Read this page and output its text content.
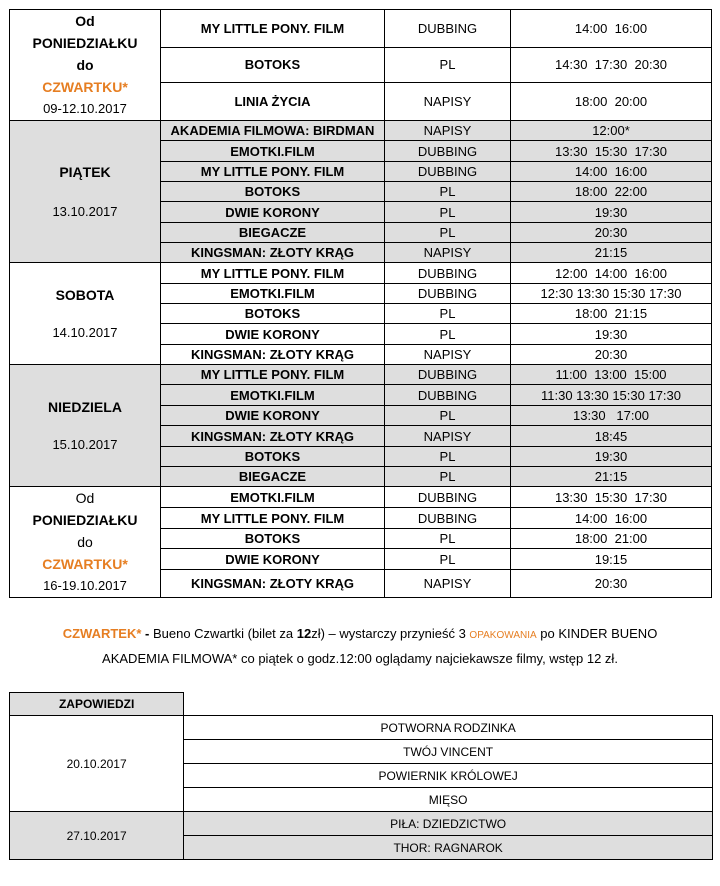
Od
PONIEDZIAŁKU
do
CZWARTKU*
09-12.10.2017	MY LITTLE PONY. FILM	DUBBING	14:00  16:00
	BOTOKS	PL	14:30  17:30  20:30
	LINIA ŻYCIA	NAPISY	18:00  20:00

PIĄTEK
13.10.2017	AKADEMIA FILMOWA: BIRDMAN	NAPISY	12:00*
	EMOTKI.FILM	DUBBING	13:30  15:30  17:30
	MY LITTLE PONY. FILM	DUBBING	14:00  16:00
	BOTOKS	PL	18:00  22:00
	DWIE KORONY	PL	19:30
	BIEGACZE	PL	20:30
	KINGSMAN: ZŁOTY KRĄG	NAPISY	21:15

SOBOTA
14.10.2017	MY LITTLE PONY. FILM	DUBBING	12:00  14:00  16:00
	EMOTKI.FILM	DUBBING	12:30 13:30 15:30 17:30
	BOTOKS	PL	18:00  21:15
	DWIE KORONY	PL	19:30
	KINGSMAN: ZŁOTY KRĄG	NAPISY	20:30

NIEDZIELA
15.10.2017	MY LITTLE PONY. FILM	DUBBING	11:00  13:00  15:00
	EMOTKI.FILM	DUBBING	11:30 13:30 15:30 17:30
	DWIE KORONY	PL	13:30   17:00
	KINGSMAN: ZŁOTY KRĄG	NAPISY	18:45
	BOTOKS	PL	19:30
	BIEGACZE	PL	21:15

Od
PONIEDZIAŁKU
do
CZWARTKU*
16-19.10.2017	EMOTKI.FILM	DUBBING	13:30  15:30  17:30
	MY LITTLE PONY. FILM	DUBBING	14:00  16:00
	BOTOKS	PL	18:00  21:00
	DWIE KORONY	PL	19:15
	KINGSMAN: ZŁOTY KRĄG	NAPISY	20:30
CZWARTEK* - Bueno Czwartki (bilet za 12zł) – wystarczy przynieść 3 OPAKOWANIA po KINDER BUENO
AKADEMIA FILMOWA* co piątek o godz.12:00 oglądamy najciekawsze filmy, wstęp 12 zł.
ZAPOWIEDZI	
20.10.2017	POTWORNA RODZINKA
	TWÓJ VINCENT
	POWIERNIK KRÓLOWEJ
	MIĘSO
27.10.2017	PIŁA: DZIEDZICTWO
	THOR: RAGNAROK
